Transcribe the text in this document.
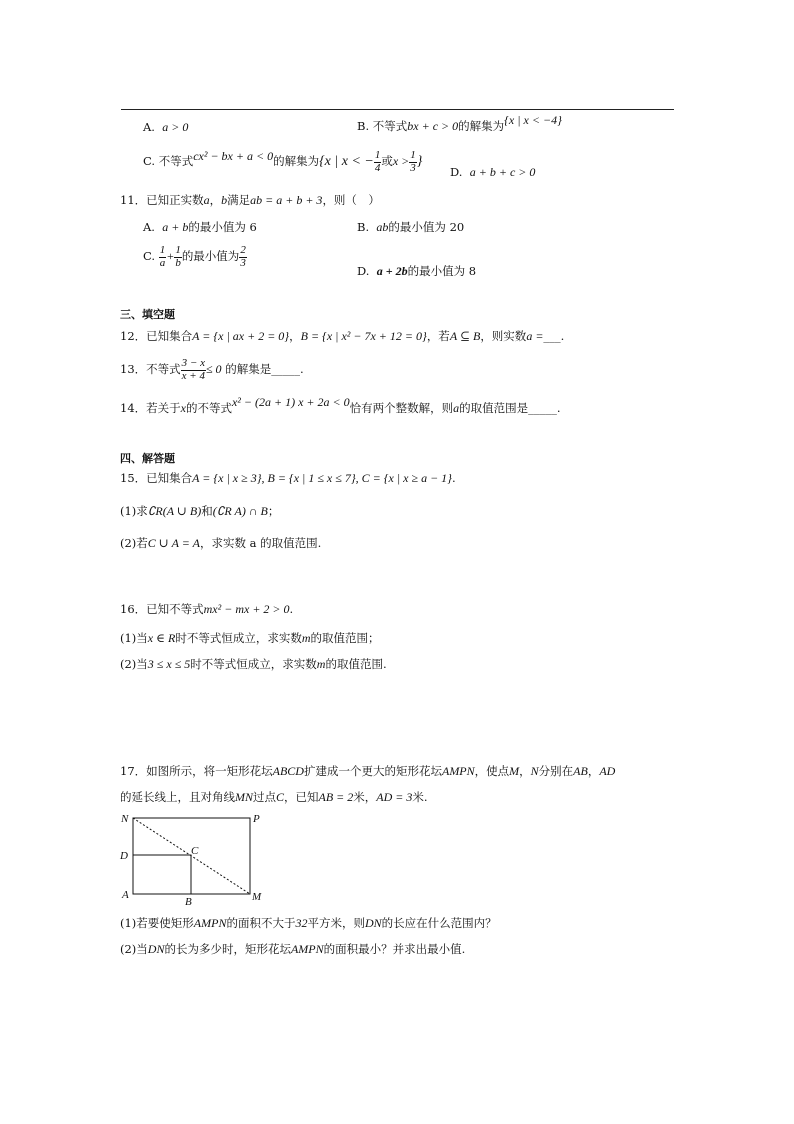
A. a > 0	B. 不等式bx + c > 0的解集为{x | x < −4}
C. 不等式cx² − bx + a < 0的解集为{x | x < − $\frac{1}{4}$ 或$x > \frac{1}{3}$ }
D. a + b + c > 0
11．已知正实数a，b满足ab = a + b + 3，则（　）
A. a + b的最小值为 6	B. ab的最小值为 20
C. $\frac{1}{a} + \frac{1}{b}$ 的最小值为 $\frac{2}{3}$
D. a + 2b的最小值为 8
三、填空题
12．已知集合A = {x | ax + 2 = 0}，B = {x | x² − 7x + 12 = 0}，若A ⊆ B，则实数a =___.
13．不等式 $\frac{3 - x}{x + 4} \le 0$ 的解集是_____.
14．若关于x的不等式x² − (2a + 1) x + 2a < 0恰有两个整数解，则a的取值范围是_____.
四、解答题
15．已知集合A = {x | x ≥ 3}, B = {x | 1 ≤ x ≤ 7}, C = {x | x ≥ a − 1}.
(1)求∁R(A ∪ B)和(∁R A) ∩ B；
(2)若C ∪ A = A，求实数 a 的取值范围.
16．已知不等式mx² − mx + 2 > 0.
(1)当x ∈ R时不等式恒成立，求实数m的取值范围；
(2)当3 ≤ x ≤ 5时不等式恒成立，求实数m的取值范围.
17．如图所示，将一矩形花坛ABCD扩建成一个更大的矩形花坛AMPN，使点M，N分别在AB，AD
的延长线上，且对角线MN过点C，已知AB = 2米，AD = 3米.
N	P
D	C
A
B	M
(1)若要使矩形AMPN的面积不大于32平方米，则DN的长应在什么范围内？
(2)当DN的长为多少时，矩形花坛AMPN的面积最小？并求出最小值.
